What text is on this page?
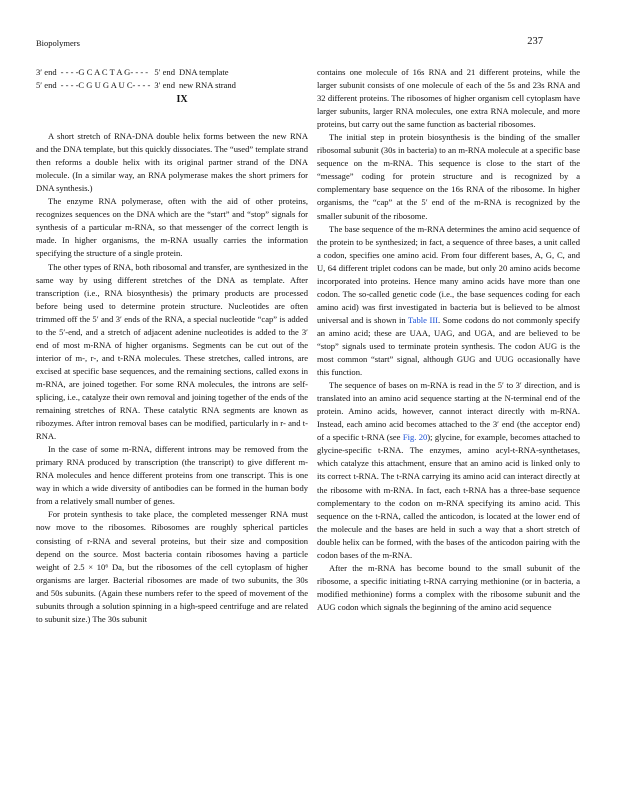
Biopolymers	237
3′ end	- - - -G C A C T A G- - - -	5′ end	DNA template
5′ end	- - - -C G U G A U C- - - -	3′ end	new RNA strand
IX

A short stretch of RNA-DNA double helix forms between the new RNA and the DNA template, but this quickly dissociates. The “used” template strand then reforms a double helix with its original partner strand of the DNA molecule. (In a similar way, an RNA polymerase makes the short primers for DNA synthesis.)

The enzyme RNA polymerase, often with the aid of other proteins, recognizes sequences on the DNA which are the “start” and “stop” signals for synthesis of a particular m-RNA, so that messenger of the correct length is made. In higher organisms, the m-RNA usually carries the information specifying the structure of a single protein.

The other types of RNA, both ribosomal and transfer, are synthesized in the same way by using different stretches of the DNA as template. After transcription (i.e., RNA biosynthesis) the primary products are processed before being used to determine protein structure. Nucleotides are often trimmed off the 5′ and 3′ ends of the RNA, a special nucleotide “cap” is added to the 5′-end, and a stretch of adjacent adenine nucleotides is added to the 3′ end of most m-RNA of higher organisms. Segments can be cut out of the interior of m-, r-, and t-RNA molecules. These stretches, called introns, are excised at specific base sequences, and the remaining sections, called exons in m-RNA, are joined together. For some RNA molecules, the introns are self-splicing, i.e., catalyze their own removal and joining together of the ends of the remaining stretches of RNA. These catalytic RNA segments are known as ribozymes. After intron removal bases can be modified, particularly in r- and t-RNA.

In the case of some m-RNA, different introns may be removed from the primary RNA produced by transcription (the transcript) to give different m-RNA molecules and hence different proteins from one transcript. This is one way in which a wide diversity of antibodies can be formed in the human body from a relatively small number of genes.

For protein synthesis to take place, the completed messenger RNA must now move to the ribosomes. Ribosomes are roughly spherical particles consisting of r-RNA and several proteins, but their size and composition depend on the source. Most bacteria contain ribosomes having a particle weight of 2.5 × 10⁶ Da, but the ribosomes of the cell cytoplasm of higher organisms are larger. Bacterial ribosomes are made of two subunits, the 30s and 50s subunits. (Again these numbers refer to the speed of movement of the subunits through a solution spinning in a high-speed centrifuge and are related to subunit size.) The 30s subunit

contains one molecule of 16s RNA and 21 different proteins, while the larger subunit consists of one molecule of each of the 5s and 23s RNA and 32 different proteins. The ribosomes of higher organism cell cytoplasm have larger subunits, larger RNA molecules, one extra RNA molecule, and more proteins, but carry out the same function as bacterial ribosomes.

The initial step in protein biosynthesis is the binding of the smaller ribosomal subunit (30s in bacteria) to an m-RNA molecule at a specific base sequence on the m-RNA. This sequence is close to the start of the “message” coding for protein structure and is recognized by a complementary base sequence on the 16s RNA of the ribosome. In higher organisms, the “cap” at the 5′ end of the m-RNA is recognized by the smaller subunit of the ribosome.

The base sequence of the m-RNA determines the amino acid sequence of the protein to be synthesized; in fact, a sequence of three bases, a unit called a codon, specifies one amino acid. From four different bases, A, G, C, and U, 64 different triplet codons can be made, but only 20 amino acids become incorporated into proteins. Hence many amino acids have more than one codon. The so-called genetic code (i.e., the base sequences coding for each amino acid) was first investigated in bacteria but is believed to be almost universal and is shown in Table III. Some codons do not commonly specify an amino acid; these are UAA, UAG, and UGA, and are believed to be “stop” signals used to terminate protein synthesis. The codon AUG is the most common “start” signal, although GUG and UUG occasionally have this function.

The sequence of bases on m-RNA is read in the 5′ to 3′ direction, and is translated into an amino acid sequence starting at the N-terminal end of the protein. Amino acids, however, cannot interact directly with m-RNA. Instead, each amino acid becomes attached to the 3′ end (the acceptor end) of a specific t-RNA (see Fig. 20); glycine, for example, becomes attached to glycine-specific t-RNA. The enzymes, amino acyl-t-RNA-synthetases, which catalyze this attachment, ensure that an amino acid is linked only to its correct t-RNA. The t-RNA carrying its amino acid can interact directly at the ribosome with m-RNA. In fact, each t-RNA has a three-base sequence complementary to the codon on m-RNA specifying its amino acid. This sequence on the t-RNA, called the anticodon, is located at the lower end of the molecule and the bases are held in such a way that a short stretch of double helix can be formed, with the bases of the anticodon pairing with the codon bases of the m-RNA.

After the m-RNA has become bound to the small subunit of the ribosome, a specific initiating t-RNA carrying methionine (or in bacteria, a modified methionine) forms a complex with the ribosome subunit and the AUG codon which signals the beginning of the amino acid sequence
